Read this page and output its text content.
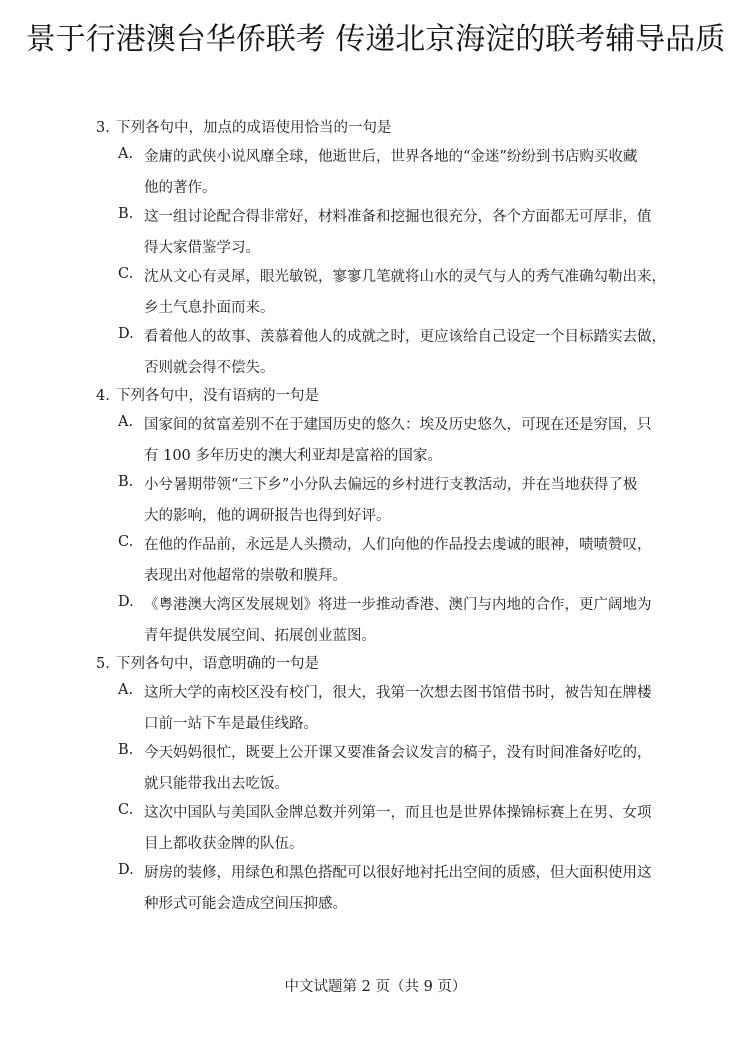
景于行港澳台华侨联考 传递北京海淀的联考辅导品质
3. 下列各句中，加点的成语使用恰当的一句是
A. 金庸的武侠小说风靡全球，他逝世后，世界各地的“金迷”纷纷到书店购买收藏
他的著作。
B. 这一组讨论配合得非常好，材料准备和挖掘也很充分，各个方面都无可厚非，值
得大家借鉴学习。
C. 沈从文心有灵犀，眼光敏锐，寥寥几笔就将山水的灵气与人的秀气准确勾勒出来，
乡土气息扑面而来。
D. 看着他人的故事、羡慕着他人的成就之时，更应该给自己设定一个目标踏实去做，
否则就会得不偿失。
4. 下列各句中，没有语病的一句是
A. 国家间的贫富差别不在于建国历史的悠久：埃及历史悠久，可现在还是穷国，只
有 100 多年历史的澳大利亚却是富裕的国家。
B. 小兮暑期带领“三下乡”小分队去偏远的乡村进行支教活动，并在当地获得了极
大的影响，他的调研报告也得到好评。
C. 在他的作品前，永远是人头攒动，人们向他的作品投去虔诚的眼神，啧啧赞叹，
表现出对他超常的崇敬和膜拜。
D. 《粤港澳大湾区发展规划》将进一步推动香港、澳门与内地的合作，更广阔地为
青年提供发展空间、拓展创业蓝图。
5. 下列各句中，语意明确的一句是
A. 这所大学的南校区没有校门，很大，我第一次想去图书馆借书时，被告知在牌楼
口前一站下车是最佳线路。
B. 今天妈妈很忙，既要上公开课又要准备会议发言的稿子，没有时间准备好吃的，
就只能带我出去吃饭。
C. 这次中国队与美国队金牌总数并列第一，而且也是世界体操锦标赛上在男、女项
目上都收获金牌的队伍。
D. 厨房的装修，用绿色和黑色搭配可以很好地衬托出空间的质感，但大面积使用这
种形式可能会造成空间压抑感。
中文试题第 2 页（共 9 页）
